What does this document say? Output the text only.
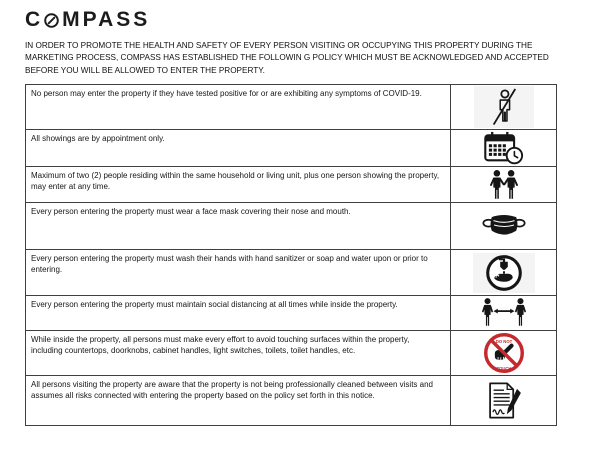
C MPASS

IN ORDER TO PROMOTE THE HEALTH AND SAFETY OF EVERY PERSON VISITING OR OCCUPYING THIS PROPERTY DURING THE MARKETING PROCESS, COMPASS HAS ESTABLISHED THE FOLLOWIN G POLICY WHICH MUST BE ACKNOWLEDGED AND ACCEPTED BEFORE YOU WILL BE ALLOWED TO ENTER THE PROPERTY.

No person may enter the property if they have tested positive for or are exhibiting any symptoms of COVID-19.
All showings are by appointment only.
Maximum of two (2) people residing within the same household or living unit, plus one person showing the property, may enter at any time.
Every person entering the property must wear a face mask covering their nose and mouth.
Every person entering the property must wash their hands with hand sanitizer or soap and water upon or prior to entering.
Every person entering the property must maintain social distancing at all times while inside the property.
While inside the property, all persons must make every effort to avoid touching surfaces within the property, including countertops, doorknobs, cabinet handles, light switches, toilets, toilet handles, etc.
DO NOT
TOUCH
All persons visiting the property are aware that the property is not being professionally cleaned between visits and assumes all risks connected with entering the property based on the policy set forth in this notice.
